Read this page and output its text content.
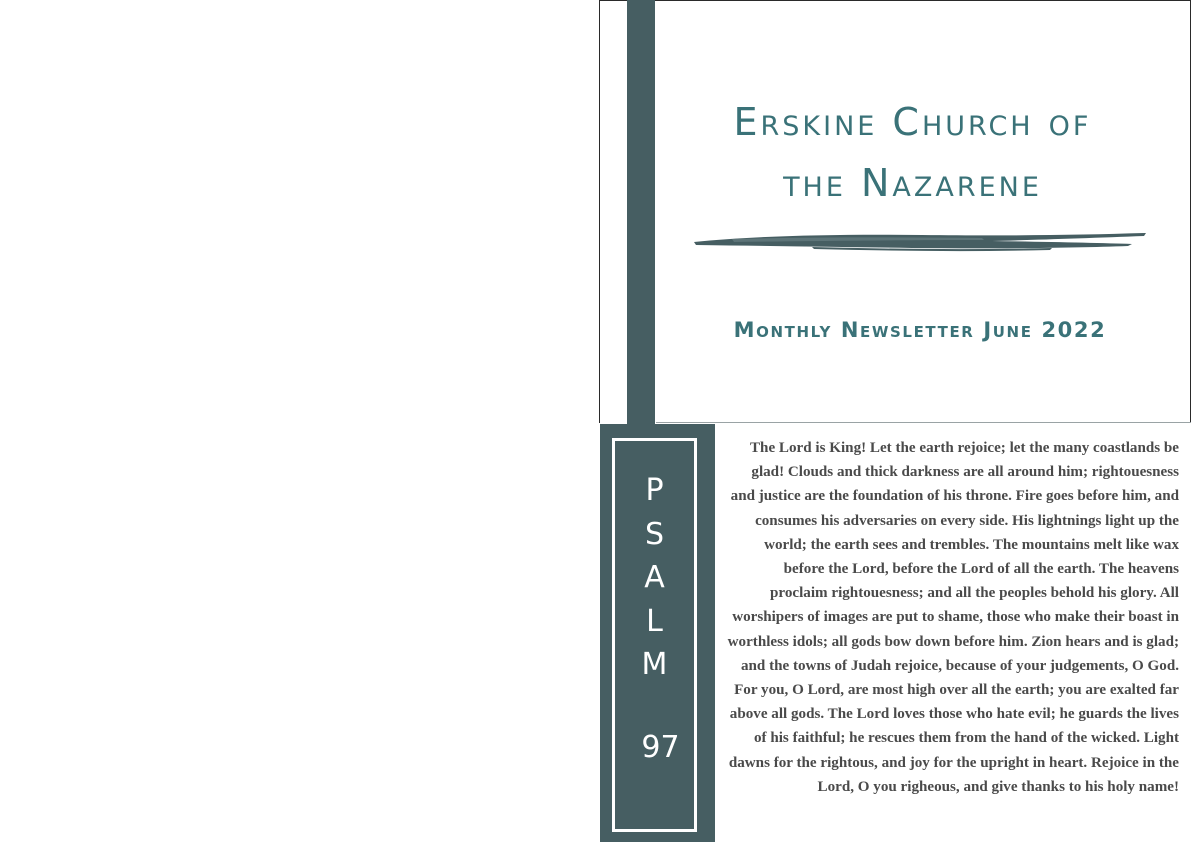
Erskine Church of
the Nazarene
Monthly Newsletter June 2022
P
S
A
L
M
97

The Lord is King! Let the earth rejoice; let the many coastlands be glad! Clouds and thick darkness are all around him; rightouesness and justice are the foundation of his throne. Fire goes before him, and consumes his adversaries on every side. His lightnings light up the world; the earth sees and trembles. The mountains melt like wax before the Lord, before the Lord of all the earth. The heavens proclaim rightouesness; and all the peoples behold his glory. All worshipers of images are put to shame, those who make their boast in worthless idols; all gods bow down before him. Zion hears and is glad; and the towns of Judah rejoice, because of your judgements, O God. For you, O Lord, are most high over all the earth; you are exalted far above all gods. The Lord loves those who hate evil; he guards the lives of his faithful; he rescues them from the hand of the wicked. Light dawns for the rightous, and joy for the upright in heart. Rejoice in the Lord, O you righeous, and give thanks to his holy name!
